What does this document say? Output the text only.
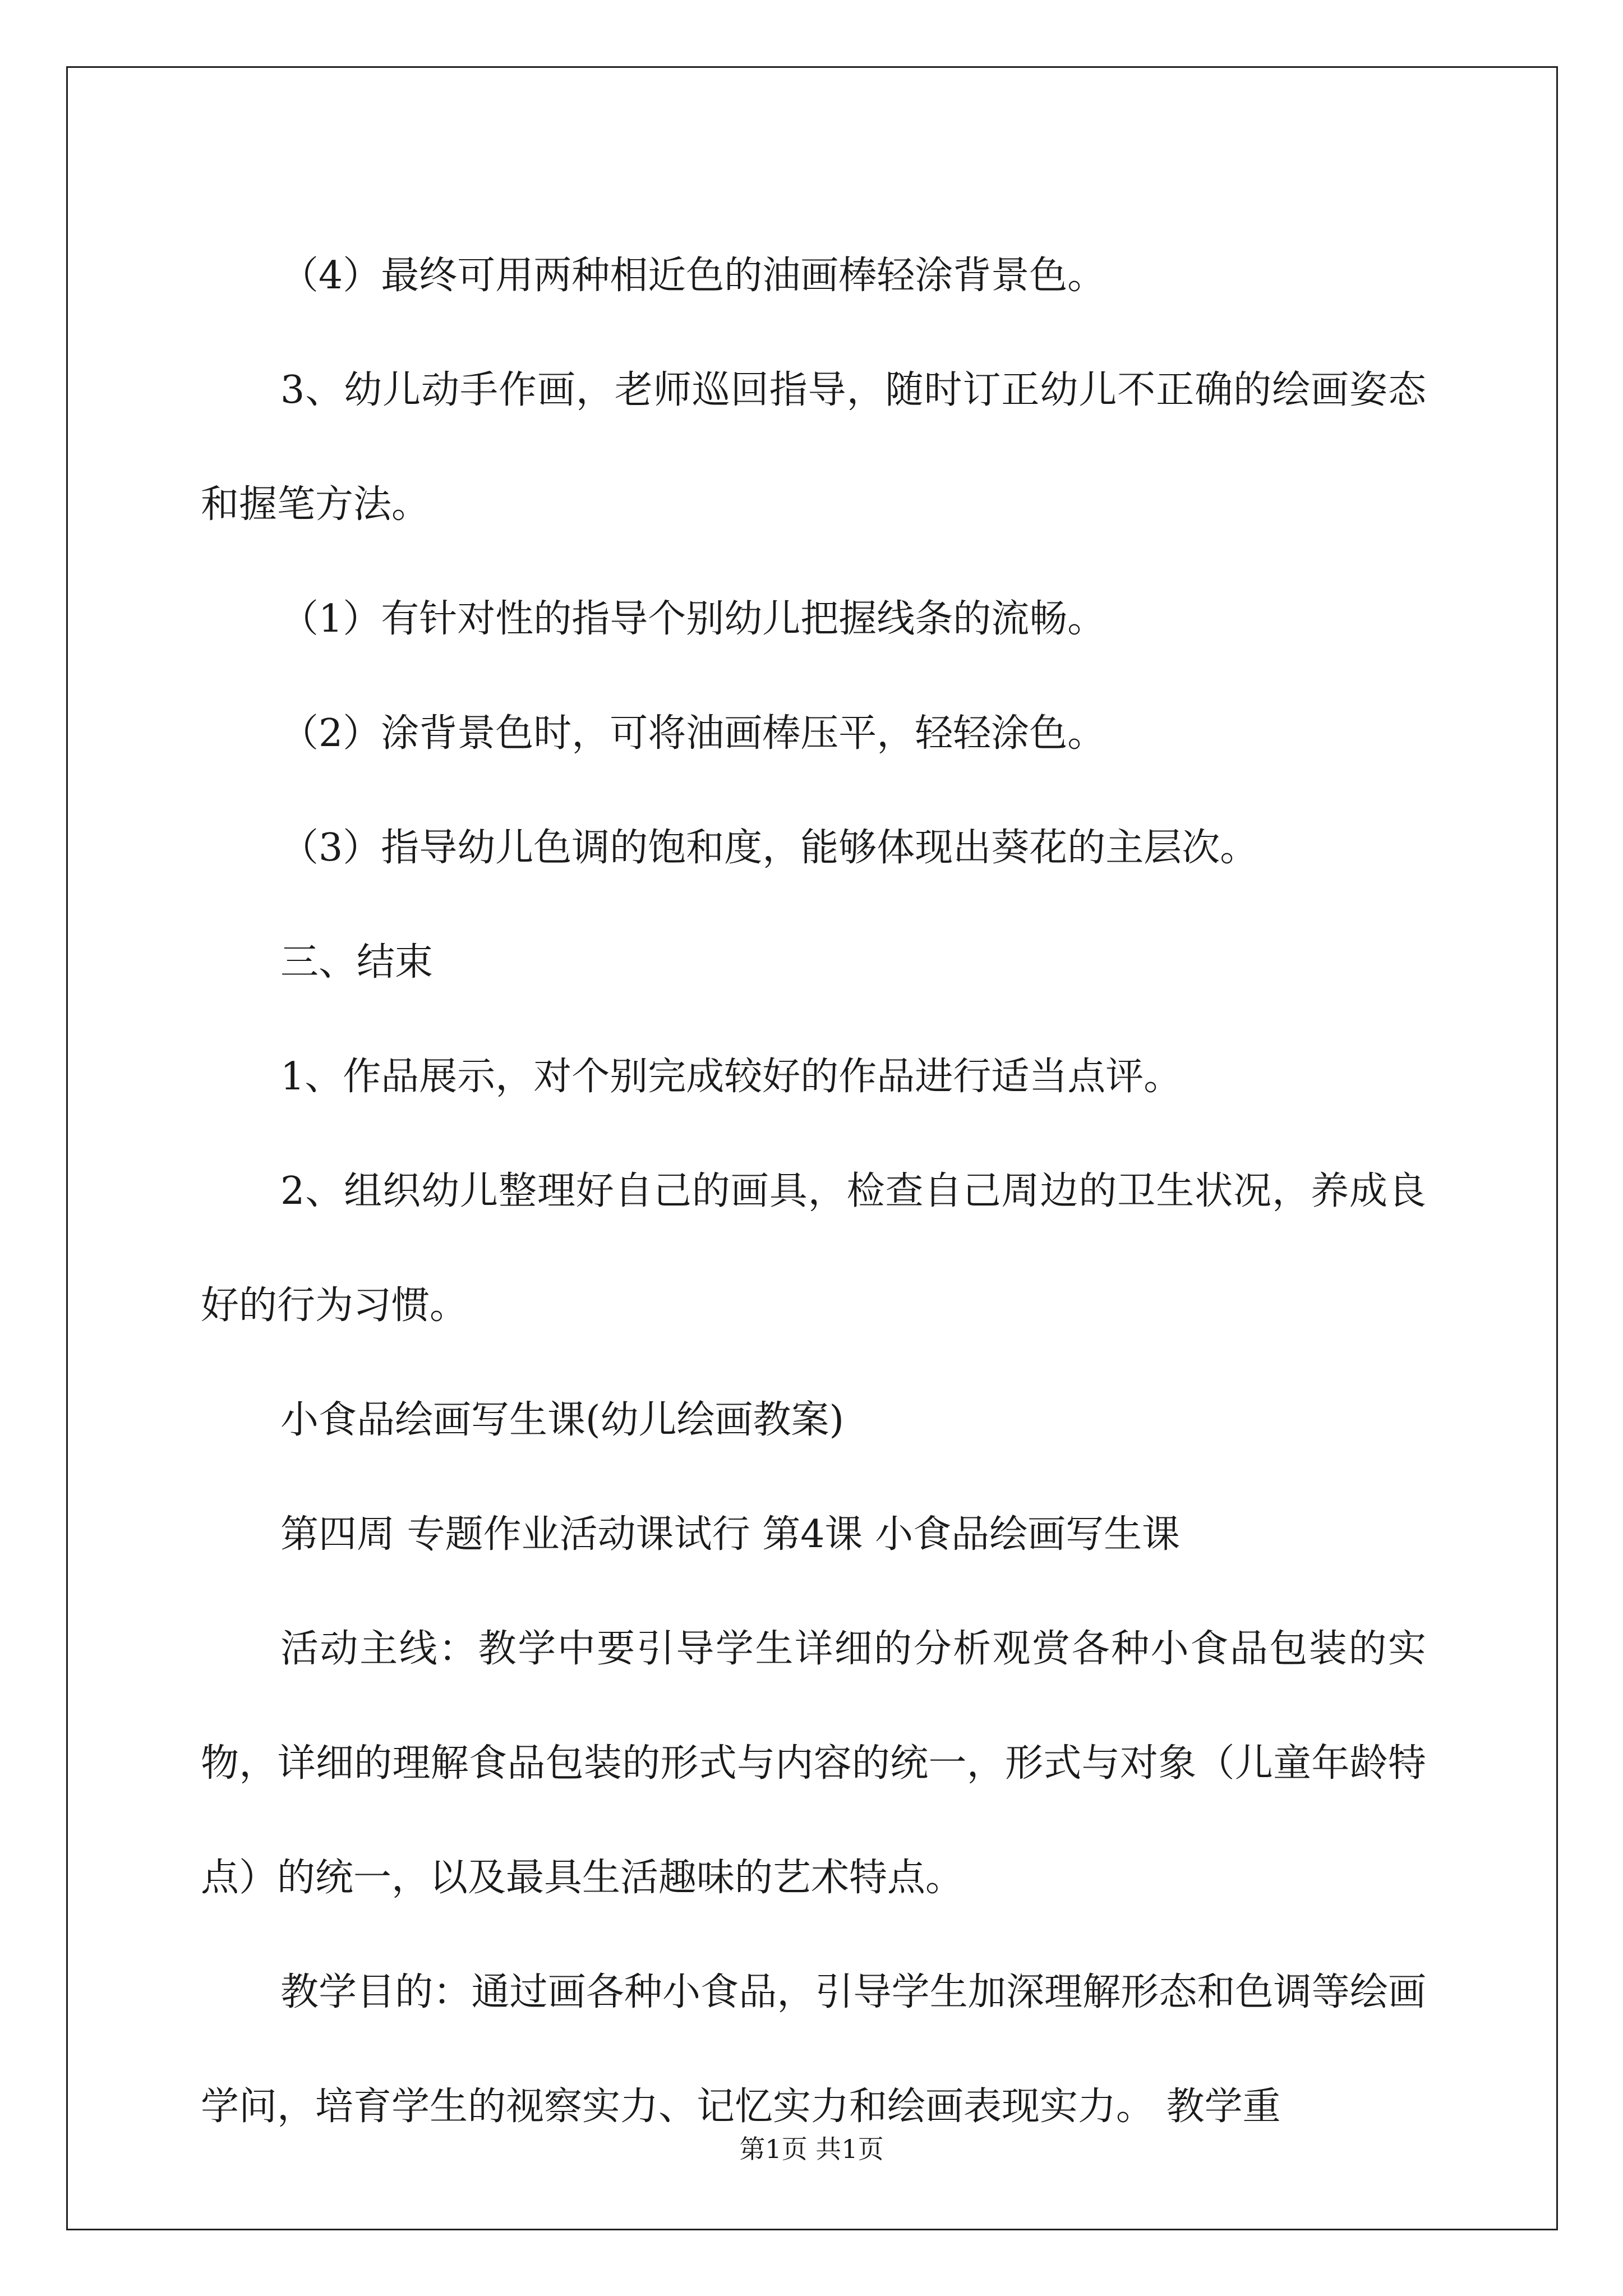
（4）最终可用两种相近色的油画棒轻涂背景色。

3、幼儿动手作画，老师巡回指导，随时订正幼儿不正确的绘画姿态和握笔方法。

（1）有针对性的指导个别幼儿把握线条的流畅。

（2）涂背景色时，可将油画棒压平，轻轻涂色。

（3）指导幼儿色调的饱和度，能够体现出葵花的主层次。

三、结束

1、作品展示，对个别完成较好的作品进行适当点评。

2、组织幼儿整理好自己的画具，检查自己周边的卫生状况，养成良好的行为习惯。

小食品绘画写生课(幼儿绘画教案)

第四周 专题作业活动课试行 第4课 小食品绘画写生课

活动主线：教学中要引导学生详细的分析观赏各种小食品包装的实物，详细的理解食品包装的形式与内容的统一，形式与对象（儿童年龄特点）的统一，以及最具生活趣味的艺术特点。

教学目的：通过画各种小食品，引导学生加深理解形态和色调等绘画学问，培育学生的视察实力、记忆实力和绘画表现实力。 教学重

第1页 共1页
